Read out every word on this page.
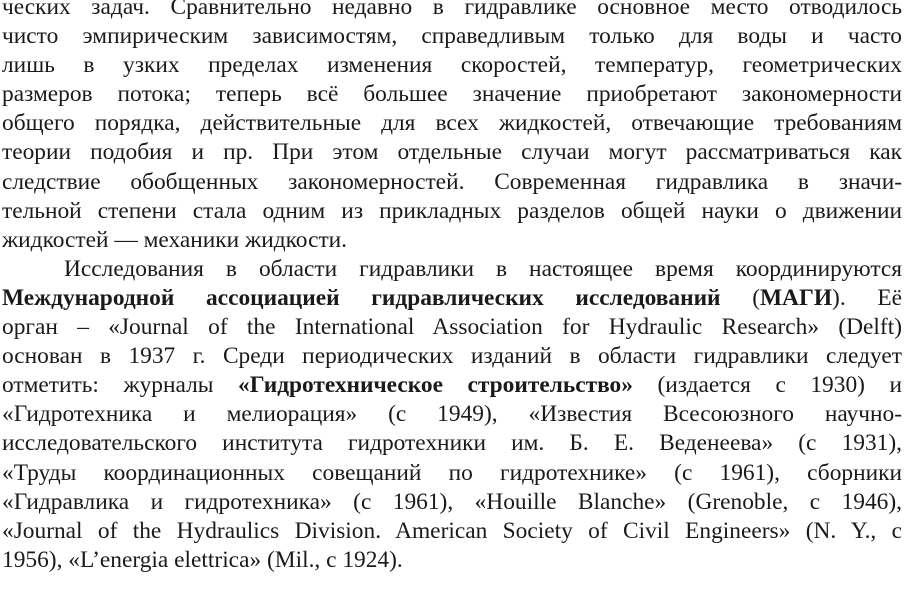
ческих задач. Сравнительно недавно в гидравлике основное место отводилось
чисто эмпирическим зависимостям, справедливым только для воды и часто
лишь в узких пределах изменения скоростей, температур, геометрических
размеров потока; теперь всё большее значение приобретают закономерности
общего порядка, действительные для всех жидкостей, отвечающие требованиям
теории подобия и пр. При этом отдельные случаи могут рассматриваться как
следствие обобщенных закономерностей. Современная гидравлика в значи-
тельной степени стала одним из прикладных разделов общей науки о движении
жидкостей — механики жидкости.
Исследования в области гидравлики в настоящее время координируются
Международной ассоциацией гидравлических исследований (МАГИ). Её
орган – «Journal of the International Association for Hydraulic Research» (Delft)
основан в 1937 г. Среди периодических изданий в области гидравлики следует
отметить: журналы «Гидротехническое строительство» (издается с 1930) и
«Гидротехника и мелиорация» (с 1949), «Известия Всесоюзного научно-
исследовательского института гидротехники им. Б. Е. Веденеева» (с 1931),
«Труды координационных совещаний по гидротехнике» (с 1961), сборники
«Гидравлика и гидротехника» (с 1961), «Houille Blanche» (Grenoble, с 1946),
«Journal of the Hydraulics Division. American Society of Civil Engineers» (N. Y., с
1956), «L’energia elettrica» (Mil., с 1924).
